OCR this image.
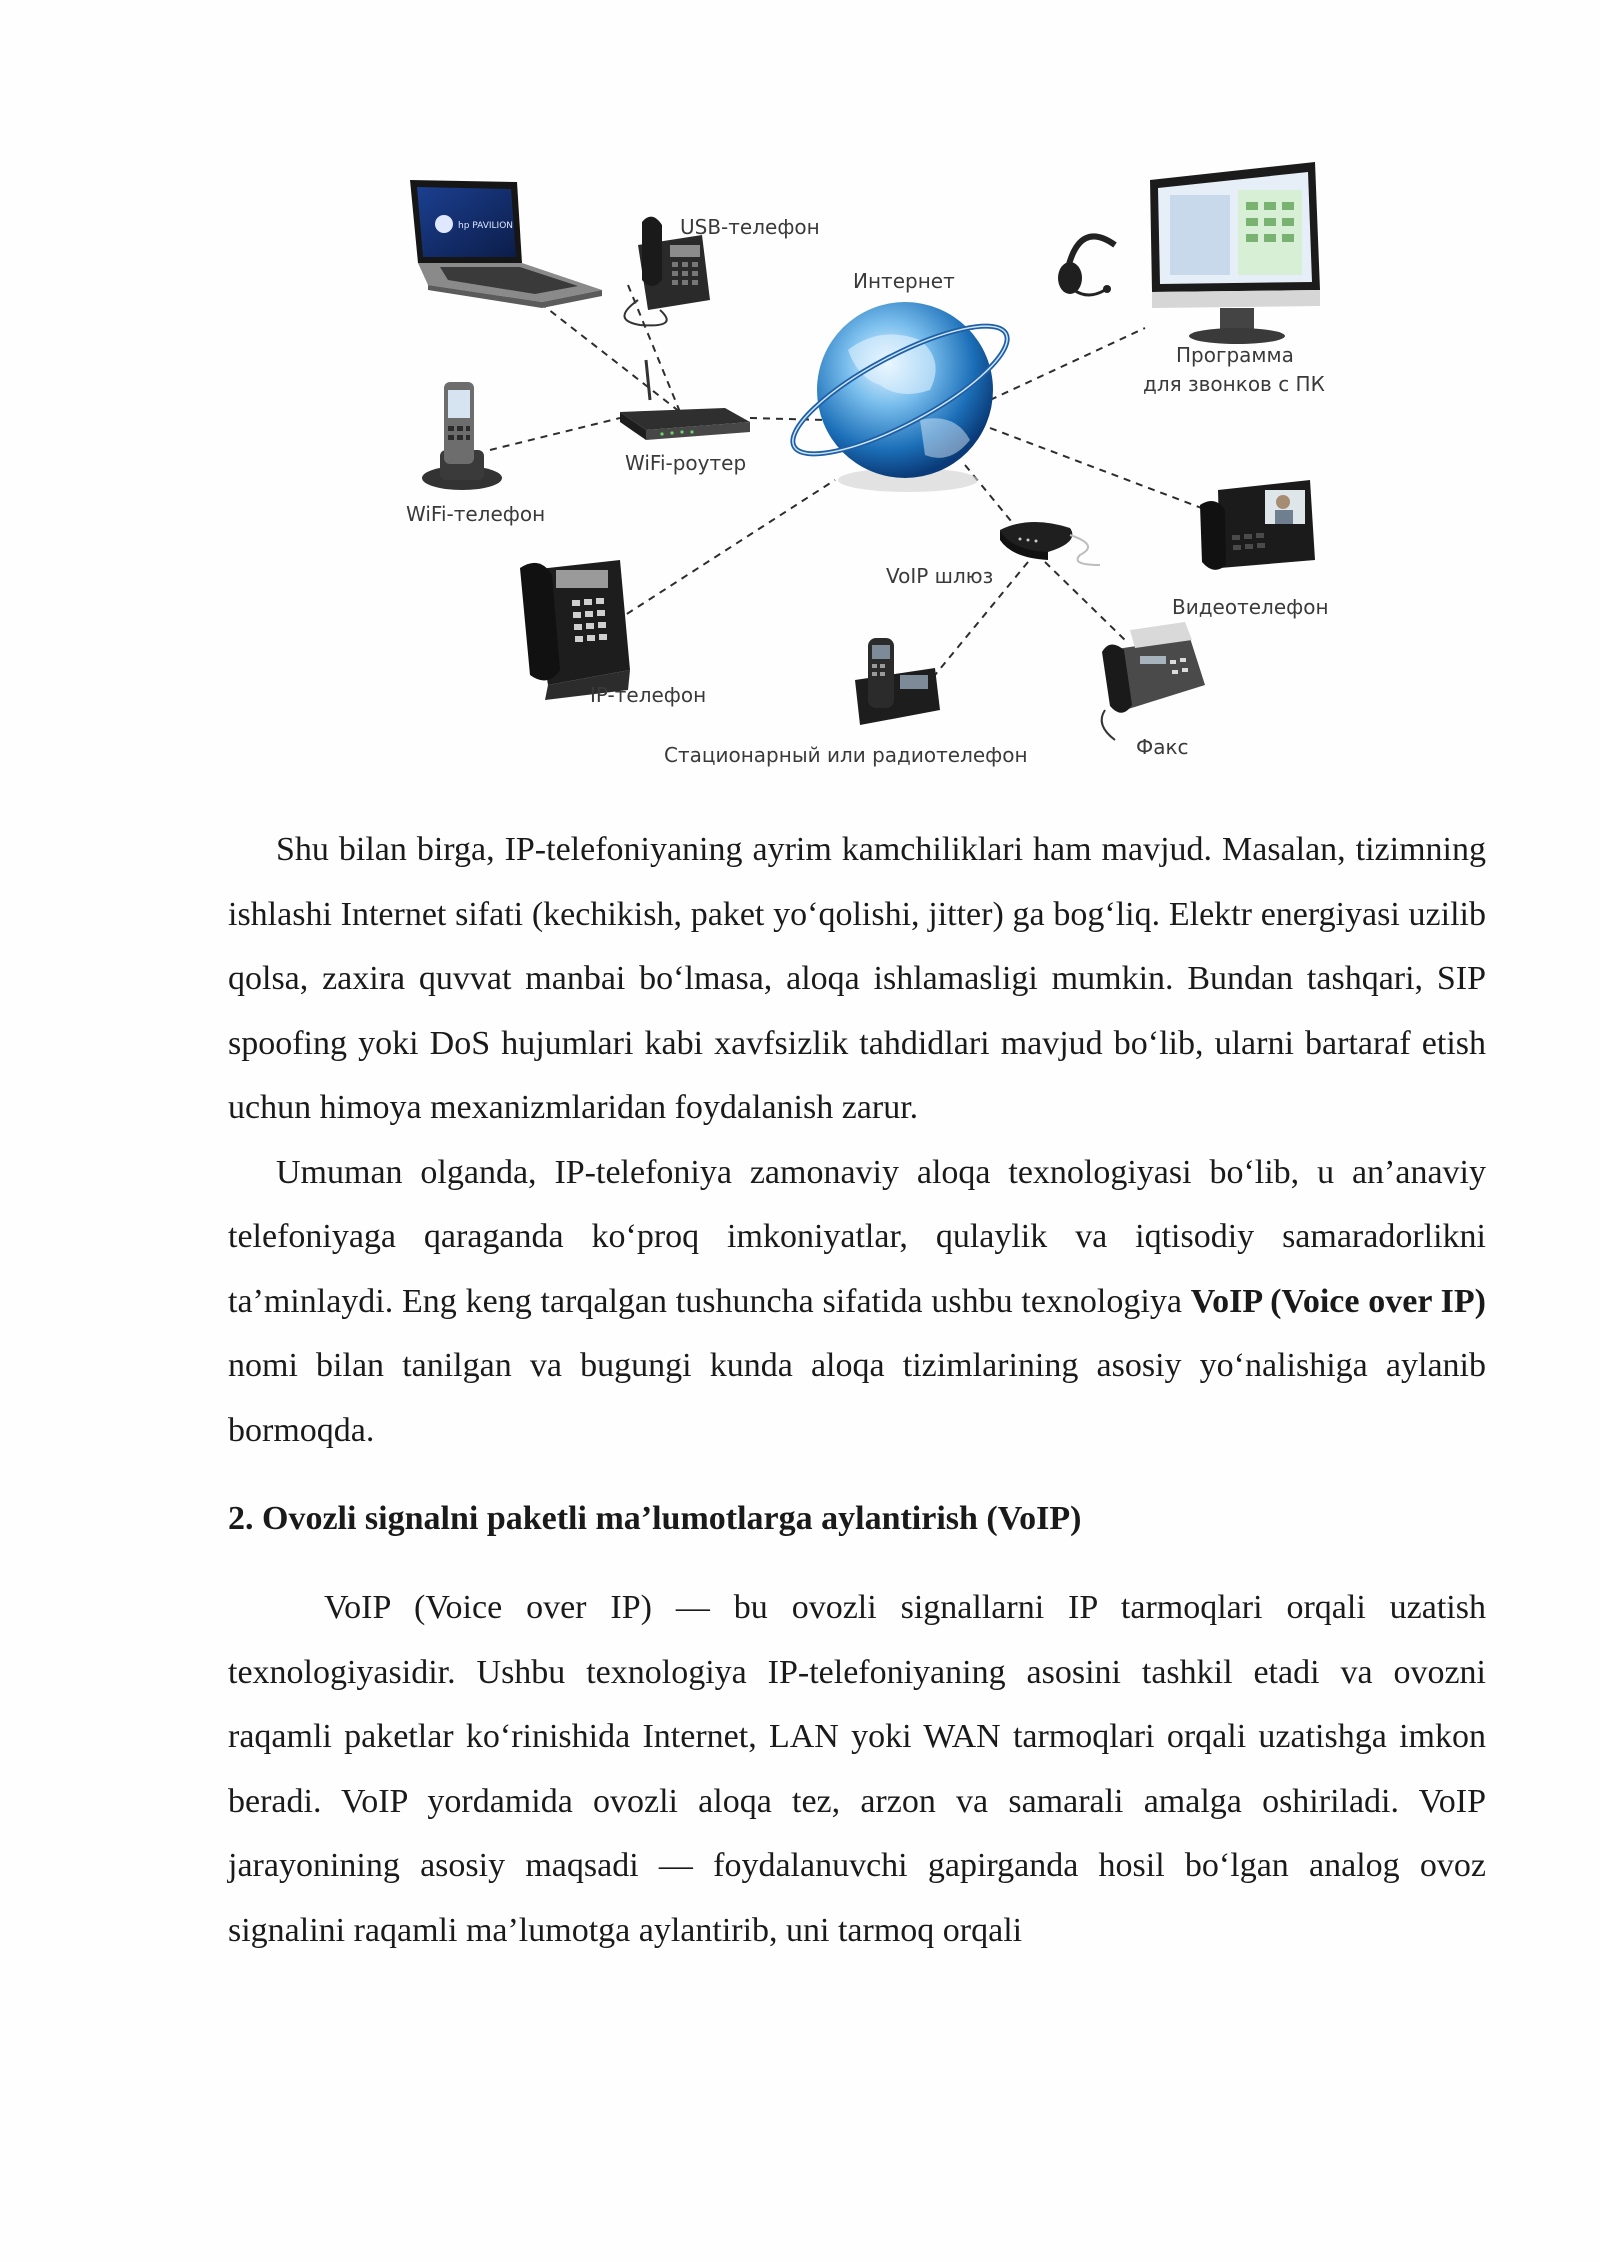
hp PAVILION	USB-телефон
Интернет
Программа
для звонков с ПК
WiFi-роутер
WiFi-телефон
VoIP шлюз
Видеотелефон
IP-телефон
Факс
Стационарный или радиотелефон

Shu bilan birga, IP-telefoniyaning ayrim kamchiliklari ham mavjud. Masalan, tizimning ishlashi Internet sifati (kechikish, paket yo‘qolishi, jitter) ga bog‘liq. Elektr energiyasi uzilib qolsa, zaxira quvvat manbai bo‘lmasa, aloqa ishlamasligi mumkin. Bundan tashqari, SIP spoofing yoki DoS hujumlari kabi xavfsizlik tahdidlari mavjud bo‘lib, ularni bartaraf etish uchun himoya mexanizmlaridan foydalanish zarur.

Umuman olganda, IP-telefoniya zamonaviy aloqa texnologiyasi bo‘lib, u an’anaviy telefoniyaga qaraganda ko‘proq imkoniyatlar, qulaylik va iqtisodiy samaradorlikni ta’minlaydi. Eng keng tarqalgan tushuncha sifatida ushbu texnologiya VoIP (Voice over IP) nomi bilan tanilgan va bugungi kunda aloqa tizimlarining asosiy yo‘nalishiga aylanib bormoqda.

2. Ovozli signalni paketli ma’lumotlarga aylantirish (VoIP)

VoIP (Voice over IP) — bu ovozli signallarni IP tarmoqlari orqali uzatish texnologiyasidir. Ushbu texnologiya IP-telefoniyaning asosini tashkil etadi va ovozni raqamli paketlar ko‘rinishida Internet, LAN yoki WAN tarmoqlari orqali uzatishga imkon beradi. VoIP yordamida ovozli aloqa tez, arzon va samarali amalga oshiriladi. VoIP jarayonining asosiy maqsadi — foydalanuvchi gapirganda hosil bo‘lgan analog ovoz signalini raqamli ma’lumotga aylantirib, uni tarmoq orqali
